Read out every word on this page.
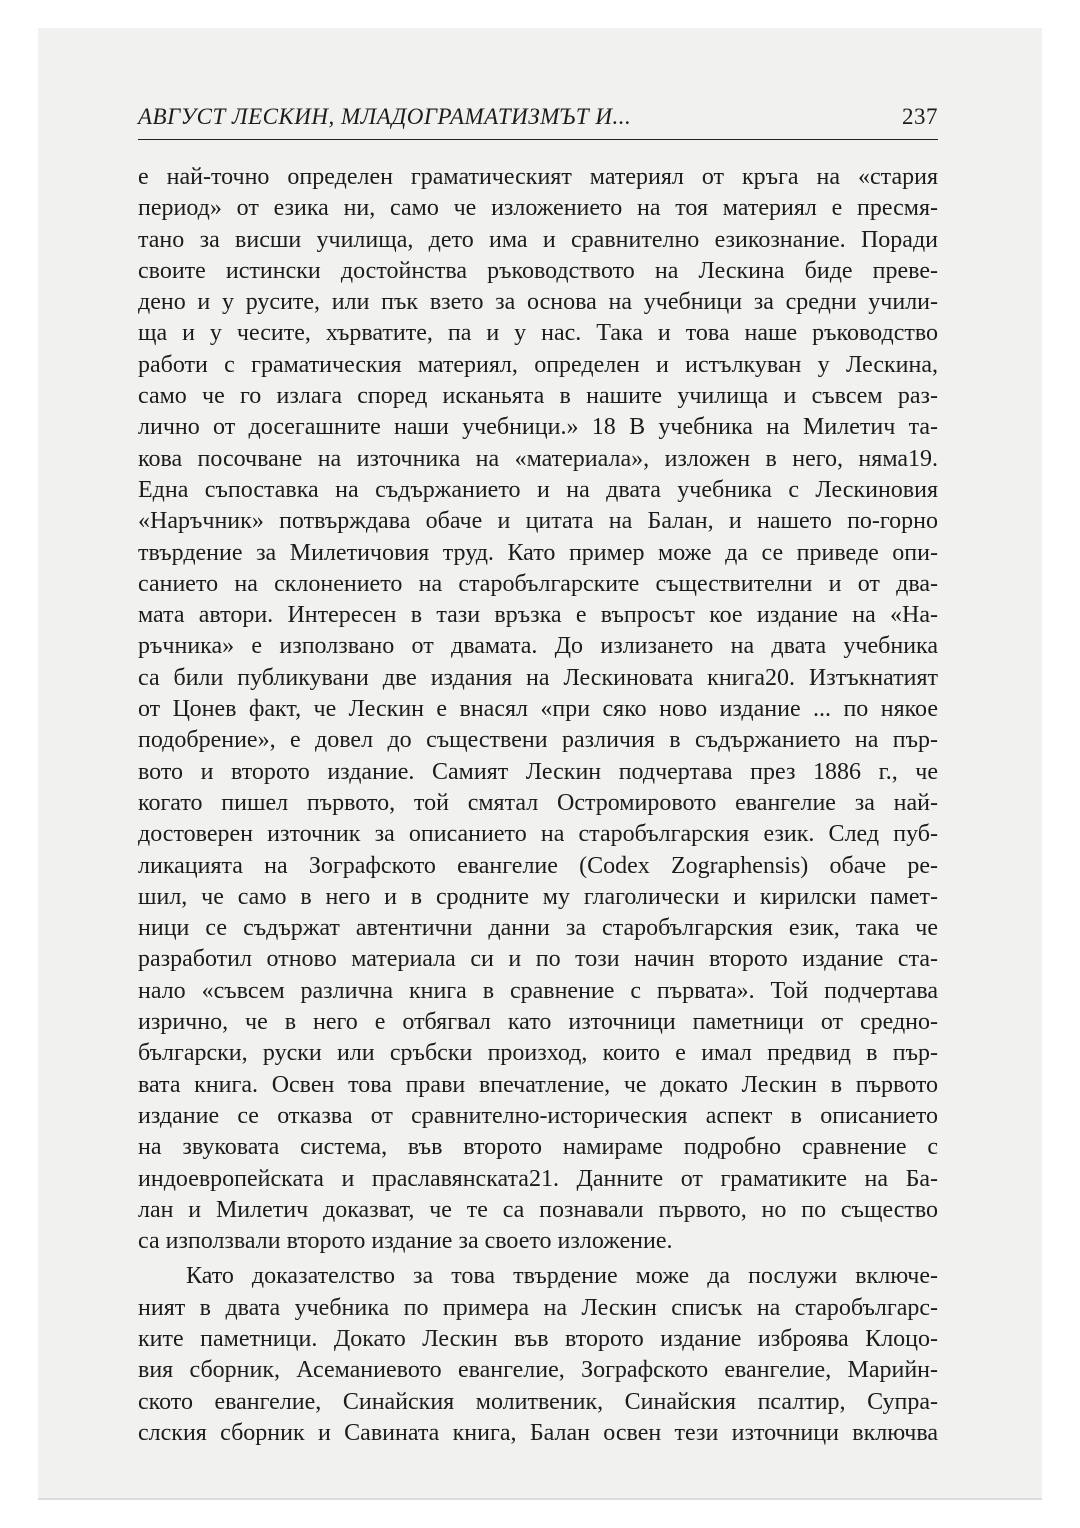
АВГУСТ ЛЕСКИН, МЛАДОГРАМАТИЗМЪТ И...	237
е най-точно определен граматическият материял от кръга на «стария
период» от езика ни, само че изложението на тоя материял е пресмя-
тано за висши училища, дето има и сравнително езикознание. Поради
своите истински достойнства ръководството на Лескина биде преве-
дено и у русите, или пък взето за основа на учебници за средни учили-
ща и у чесите, хърватите, па и у нас. Така и това наше ръководство
работи с граматическия материял, определен и истълкуван у Лескина,
само че го излага според исканьята в нашите училища и съвсем раз-
лично от досегашните наши учебници.» 18 В учебника на Милетич та-
кова посочване на източника на «материала», изложен в него, няма19.
Една съпоставка на съдържанието и на двата учебника с Лескиновия
«Наръчник» потвърждава обаче и цитата на Балан, и нашето по-горно
твърдение за Милетичовия труд. Като пример може да се приведе опи-
санието на склонението на старобългарските съществителни и от два-
мата автори. Интересен в тази връзка е въпросът кое издание на «На-
ръчника» е използвано от двамата. До излизането на двата учебника
са били публикувани две издания на Лескиновата книга20. Изтъкнатият
от Цонев факт, че Лескин е внасял «при сяко ново издание ... по някое
подобрение», е довел до съществени различия в съдържанието на пър-
вото и второто издание. Самият Лескин подчертава през 1886 г., че
когато пишел първото, той смятал Остромировото евангелие за най-
достоверен източник за описанието на старобългарския език. След пуб-
ликацията на Зографското евангелие (Codex Zographensis) обаче ре-
шил, че само в него и в сродните му глаголически и кирилски памет-
ници се съдържат автентични данни за старобългарския език, така че
разработил отново материала си и по този начин второто издание ста-
нало «съвсем различна книга в сравнение с първата». Той подчертава
изрично, че в него е отбягвал като източници паметници от средно-
български, руски или сръбски произход, които е имал предвид в пър-
вата книга. Освен това прави впечатление, че докато Лескин в първото
издание се отказва от сравнително-историческия аспект в описанието
на звуковата система, във второто намираме подробно сравнение с
индоевропейската и праславянската21. Данните от граматиките на Ба-
лан и Милетич доказват, че те са познавали първото, но по същество
са използвали второто издание за своето изложение.
Като доказателство за това твърдение може да послужи включе-
ният в двата учебника по примера на Лескин списък на старобългарс-
ките паметници. Докато Лескин във второто издание изброява Клоцо-
вия сборник, Асеманиевото евангелие, Зографското евангелие, Марийн-
ското евангелие, Синайския молитвеник, Синайския псалтир, Супра-
слския сборник и Савината книга, Балан освен тези източници включва
